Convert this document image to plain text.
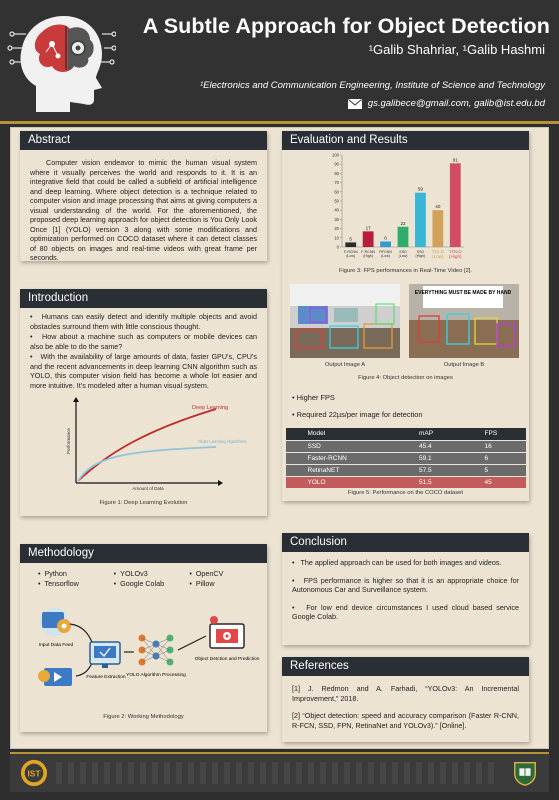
A Subtle Approach for Object Detection
¹Galib Shahriar, ¹Galib Hashmi
¹Electronics and Communication Engineering, Institute of Science and Technology
gs.galibece@gmail.com, galib@ist.edu.bd
Abstract

Computer vision endeavor to mimic the human visual system where it visually perceives the world and responds to it. It is an integrative field that could be called a subfield of artificial intelligence and deep learning. Where object detection is a technique related to computer vision and image processing that aims at giving computers a visual understanding of the world. For the aforementioned, the proposed deep learning approach for object detection is You Only Look Once [1] (YOLO) version 3 along with some modifications and optimization performed on COCO dataset where it can detect classes of 80 objects on images and real-time videos with great frame per seconds.

Introduction

•   Humans can easily detect and identify multiple objects and avoid obstacles surround them with little conscious thought.

•   How about a machine such as computers or mobile devices can also be able to do the same?

•   With the availability of large amounts of data, faster GPU’s, CPU’s and the recent advancements in deep learning CNN algorithm such as YOLO, this computer vision field has become a whole lot easier and more intuitive. It’s modeled after a human visual system.

Deep Learning
Older Learning Algorithms
Performance
Amount of Data
Figure 1: Deep Learning Evolution
Methodology
•  Python
•  Tensorflow
•  YOLOv3
•  Google Colab
•  OpenCV
•  Pillow
Input Data Feed
Feature Extraction YOLO Algorithm Processing
Object Detction and Prediction
Figure 2: Working Methodology
Evaluation and Results
0
10
20
30
40
50
60
70
80
90
100
5
F-RCNN (Low)
17
F-RCNN (High)
6
RFCNN (Low)
22
SSD (Low)
59
SSD (High)
40
YOLO (Low)
91
YOLO (High)
Figure 3: FPS performances in Real-Time Video [2].
EVERYTHING MUST BE MADE BY HAND
Output Image A	Output Image B
Figure 4: Object detection on images
• Higher FPS
• Required 22µs/per image for detection
Model	mAP	FPS
SSD	45.4	16
Faster-RCNN	59.1	6
RetinaNET	57.5	5
YOLO	51.5	45
Figure 5: Performance on the COCO dataset
Conclusion

•   The applied approach can be used for both images and videos.

•   FPS performance is higher so that it is an appropriate choice for Autonomous Car and Surveillance system.

•   For low end device circumstances I used cloud based service Google Colab.

References

[1] J. Redmon and A. Farhadi, “YOLOv3: An Incremental Improvement,” 2018.

[2] “Object detection: speed and accuracy comparison (Faster R-CNN, R-FCN, SSD, FPN, RetinaNet and YOLOv3).” [Online].

IST
